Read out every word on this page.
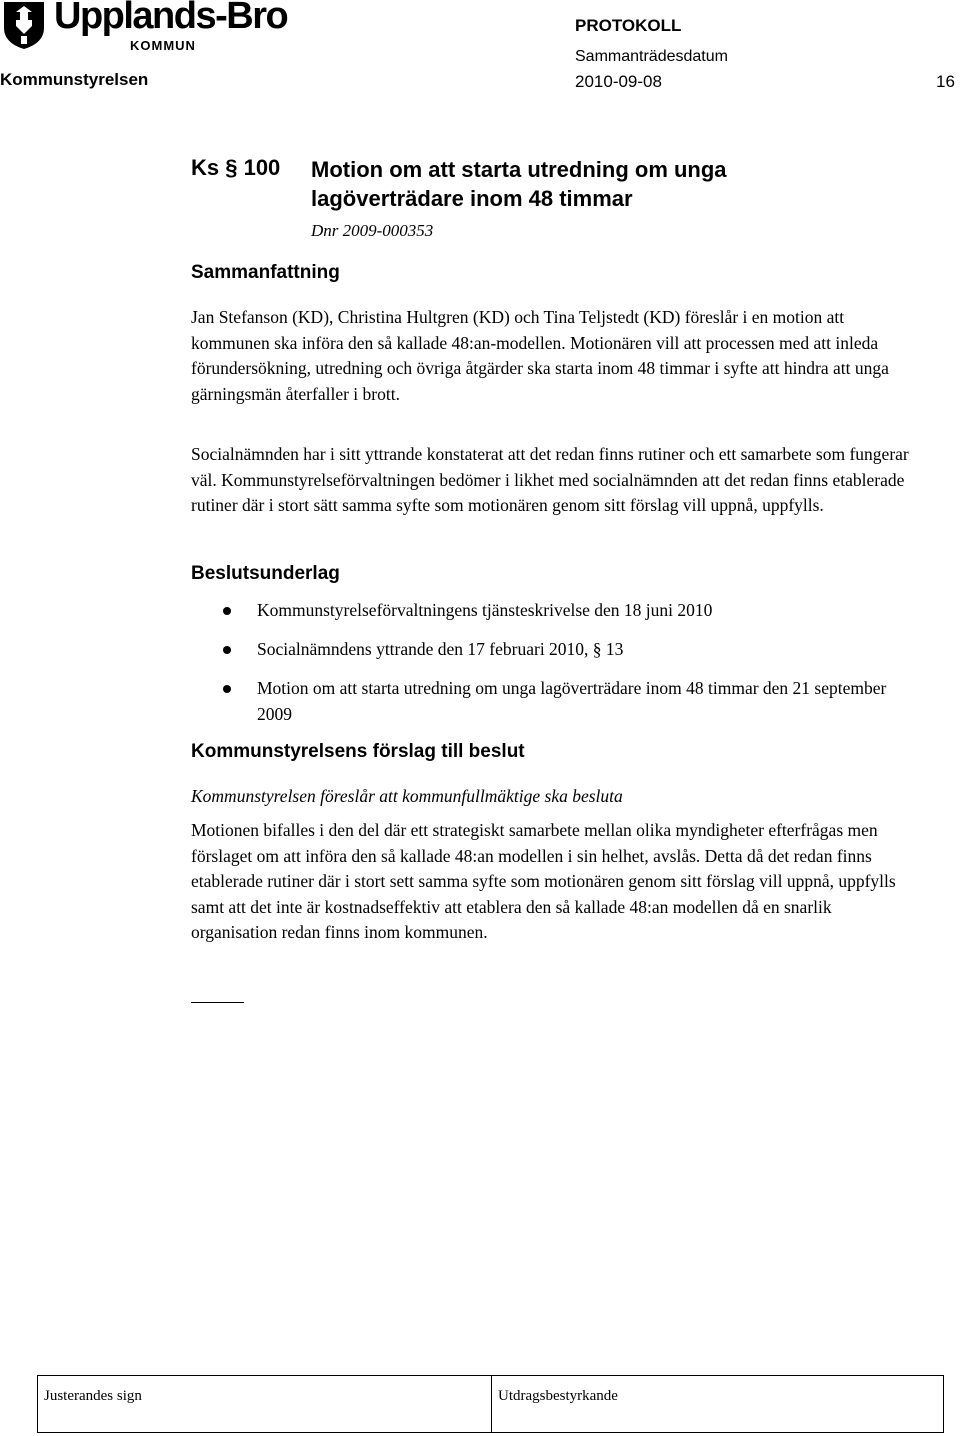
Upplands-Bro
KOMMUN
Kommunstyrelsen
PROTOKOLL
Sammanträdesdatum
2010-09-08	16
Ks § 100 Motion om att starta utredning om unga lagöverträdare inom 48 timmar
Dnr 2009-000353
Sammanfattning

Jan Stefanson (KD), Christina Hultgren (KD) och Tina Teljstedt (KD) föreslår i en motion att kommunen ska införa den så kallade 48:an-modellen. Motionären vill att processen med att inleda förundersökning, utredning och övriga åtgärder ska starta inom 48 timmar i syfte att hindra att unga gärningsmän återfaller i brott.

Socialnämnden har i sitt yttrande konstaterat att det redan finns rutiner och ett samarbete som fungerar väl. Kommunstyrelseförvaltningen bedömer i likhet med socialnämnden att det redan finns etablerade rutiner där i stort sätt samma syfte som motionären genom sitt förslag vill uppnå, uppfylls.

Beslutsunderlag
Kommunstyrelseförvaltningens tjänsteskrivelse den 18 juni 2010
Socialnämndens yttrande den 17 februari 2010, § 13
Motion om att starta utredning om unga lagöverträdare inom 48 timmar den 21 september 2009
Kommunstyrelsens förslag till beslut
Kommunstyrelsen föreslår att kommunfullmäktige ska besluta

Motionen bifalles i den del där ett strategiskt samarbete mellan olika myndigheter efterfrågas men förslaget om att införa den så kallade 48:an modellen i sin helhet, avslås. Detta då det redan finns etablerade rutiner där i stort sett samma syfte som motionären genom sitt förslag vill uppnå, uppfylls samt att det inte är kostnadseffektiv att etablera den så kallade 48:an modellen då en snarlik organisation redan finns inom kommunen.

Justerandes sign	Utdragsbestyrkande
